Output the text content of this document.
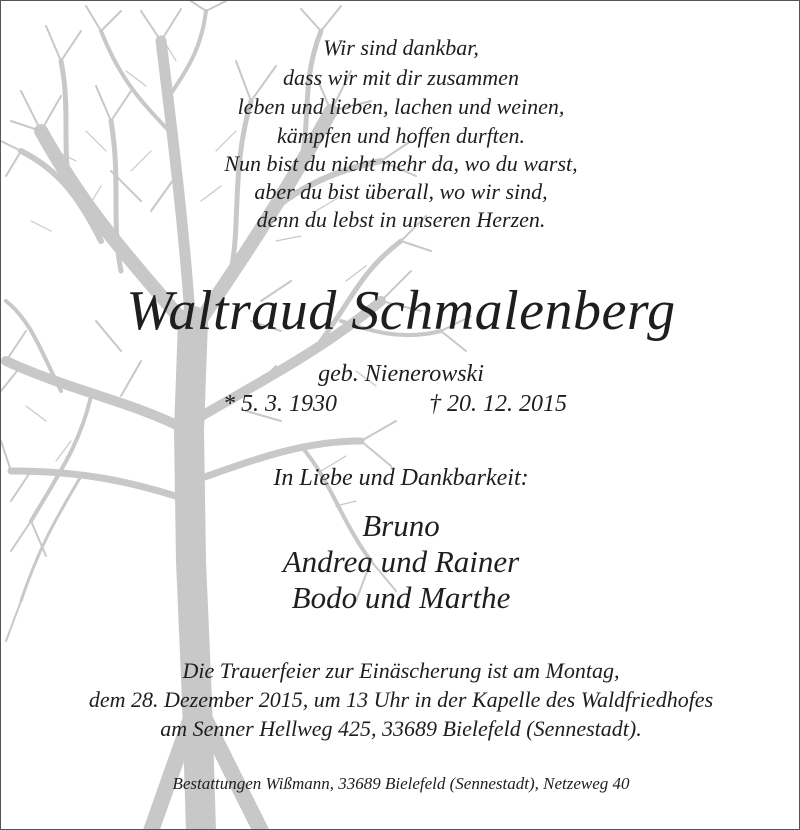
Wir sind dankbar,
dass wir mit dir zusammen
leben und lieben, lachen und weinen,
kämpfen und hoffen durften.
Nun bist du nicht mehr da, wo du warst,
aber du bist überall, wo wir sind,
denn du lebst in unseren Herzen.
Waltraud Schmalenberg
geb. Nienerowski
* 5. 3. 1930	† 20. 12. 2015
In Liebe und Dankbarkeit:
Bruno
Andrea und Rainer
Bodo und Marthe
Die Trauerfeier zur Einäscherung ist am Montag,
dem 28. Dezember 2015, um 13 Uhr in der Kapelle des Waldfriedhofes
am Senner Hellweg 425, 33689 Bielefeld (Sennestadt).
Bestattungen Wißmann, 33689 Bielefeld (Sennestadt), Netzeweg 40
